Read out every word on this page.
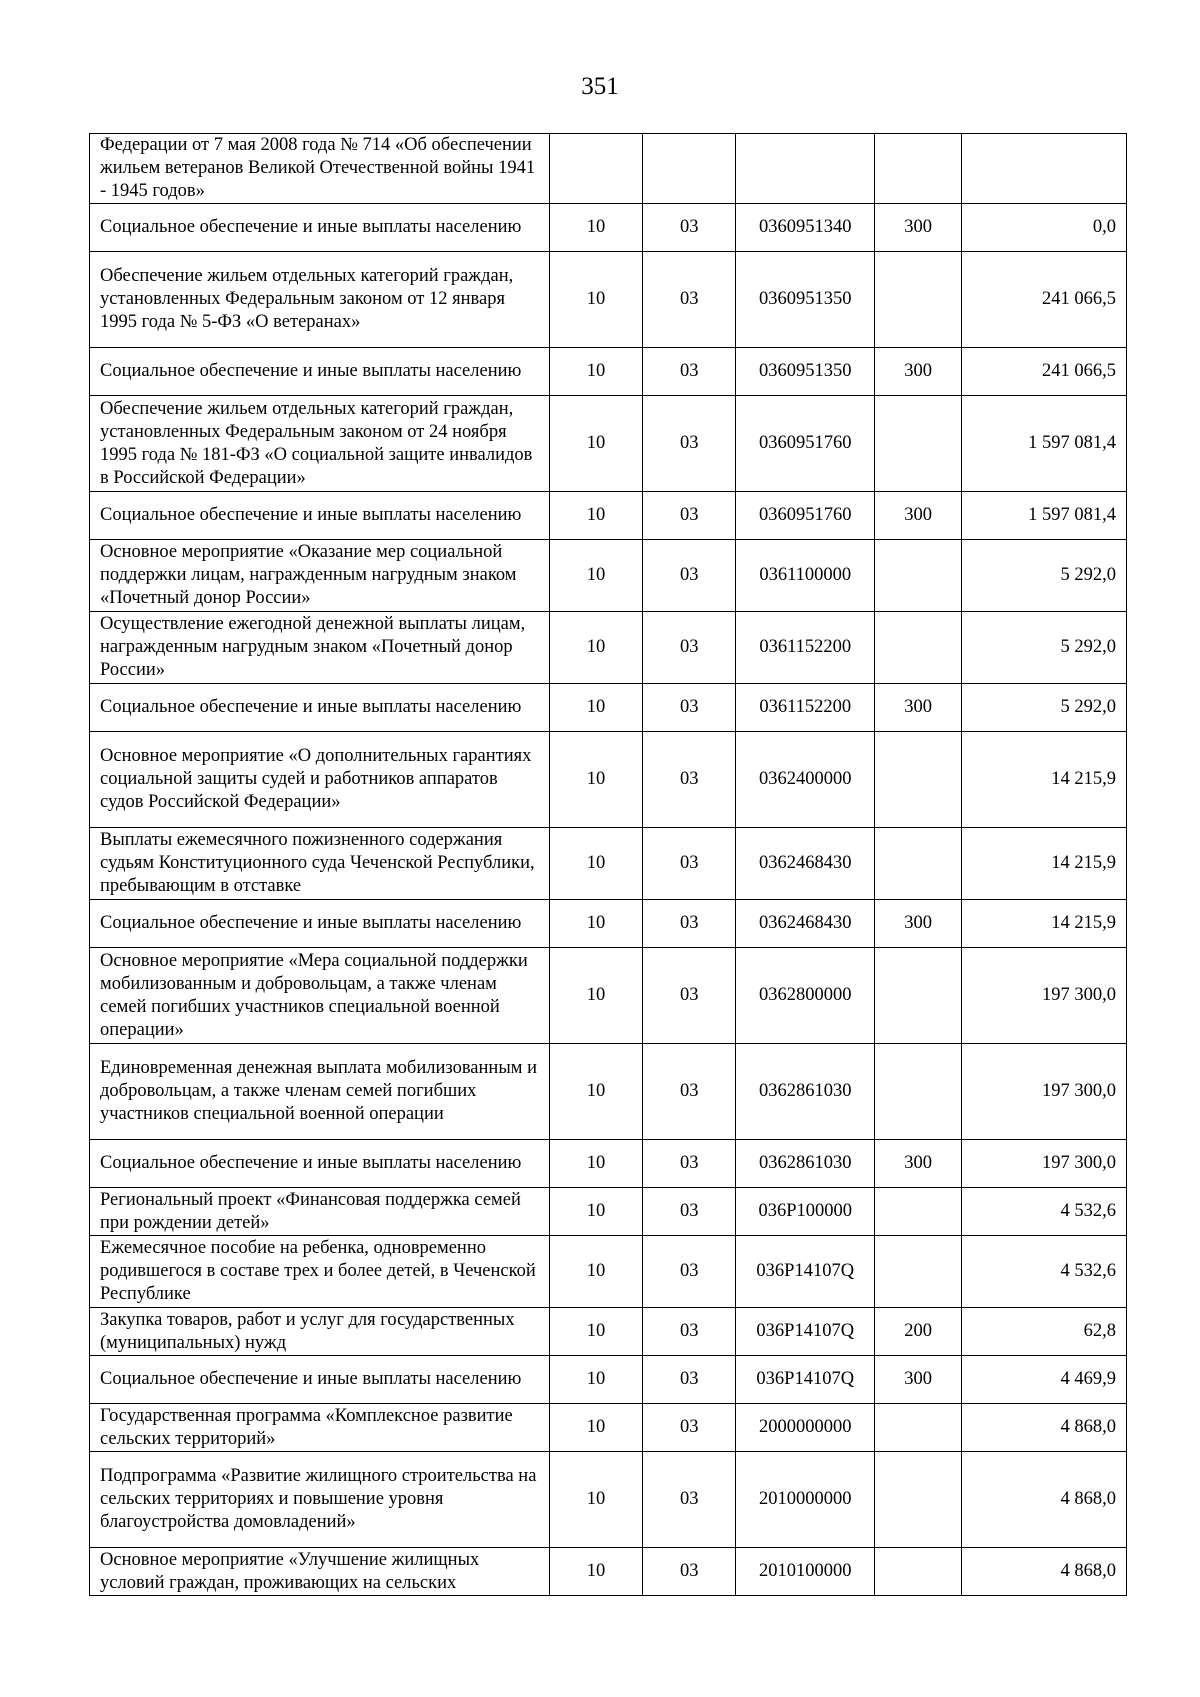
351
Федерации от 7 мая 2008 года № 714 «Об обеспечении жильем ветеранов Великой Отечественной войны 1941 - 1945 годов»					
Социальное обеспечение и иные выплаты населению	10	03	0360951340	300	0,0
Обеспечение жильем отдельных категорий граждан, установленных Федеральным законом от 12 января 1995 года № 5-ФЗ «О ветеранах»	10	03	0360951350		241 066,5
Социальное обеспечение и иные выплаты населению	10	03	0360951350	300	241 066,5
Обеспечение жильем отдельных категорий граждан, установленных Федеральным законом от 24 ноября 1995 года № 181-ФЗ «О социальной защите инвалидов в Российской Федерации»	10	03	0360951760		1 597 081,4
Социальное обеспечение и иные выплаты населению	10	03	0360951760	300	1 597 081,4
Основное мероприятие «Оказание мер социальной поддержки лицам, награжденным нагрудным знаком «Почетный донор России»	10	03	0361100000		5 292,0
Осуществление ежегодной денежной выплаты лицам, награжденным нагрудным знаком «Почетный донор России»	10	03	0361152200		5 292,0
Социальное обеспечение и иные выплаты населению	10	03	0361152200	300	5 292,0
Основное мероприятие «О дополнительных гарантиях социальной защиты судей и работников аппаратов судов Российской Федерации»	10	03	0362400000		14 215,9
Выплаты ежемесячного пожизненного содержания судьям Конституционного суда Чеченской Республики, пребывающим в отставке	10	03	0362468430		14 215,9
Социальное обеспечение и иные выплаты населению	10	03	0362468430	300	14 215,9
Основное мероприятие «Мера социальной поддержки мобилизованным и добровольцам, а также членам семей погибших участников специальной военной операции»	10	03	0362800000		197 300,0
Единовременная денежная выплата мобилизованным и добровольцам, а также членам семей погибших участников специальной военной операции	10	03	0362861030		197 300,0
Социальное обеспечение и иные выплаты населению	10	03	0362861030	300	197 300,0
Региональный проект «Финансовая поддержка семей при рождении детей»	10	03	036P100000		4 532,6
Ежемесячное пособие на ребенка, одновременно родившегося в составе трех и более детей, в Чеченской Республике	10	03	036P14107Q		4 532,6
Закупка товаров, работ и услуг для государственных (муниципальных) нужд	10	03	036P14107Q	200	62,8
Социальное обеспечение и иные выплаты населению	10	03	036P14107Q	300	4 469,9
Государственная программа «Комплексное развитие сельских территорий»	10	03	2000000000		4 868,0
Подпрограмма «Развитие жилищного строительства на сельских территориях и повышение уровня благоустройства домовладений»	10	03	2010000000		4 868,0
Основное мероприятие «Улучшение жилищных условий граждан, проживающих на сельских	10	03	2010100000		4 868,0
